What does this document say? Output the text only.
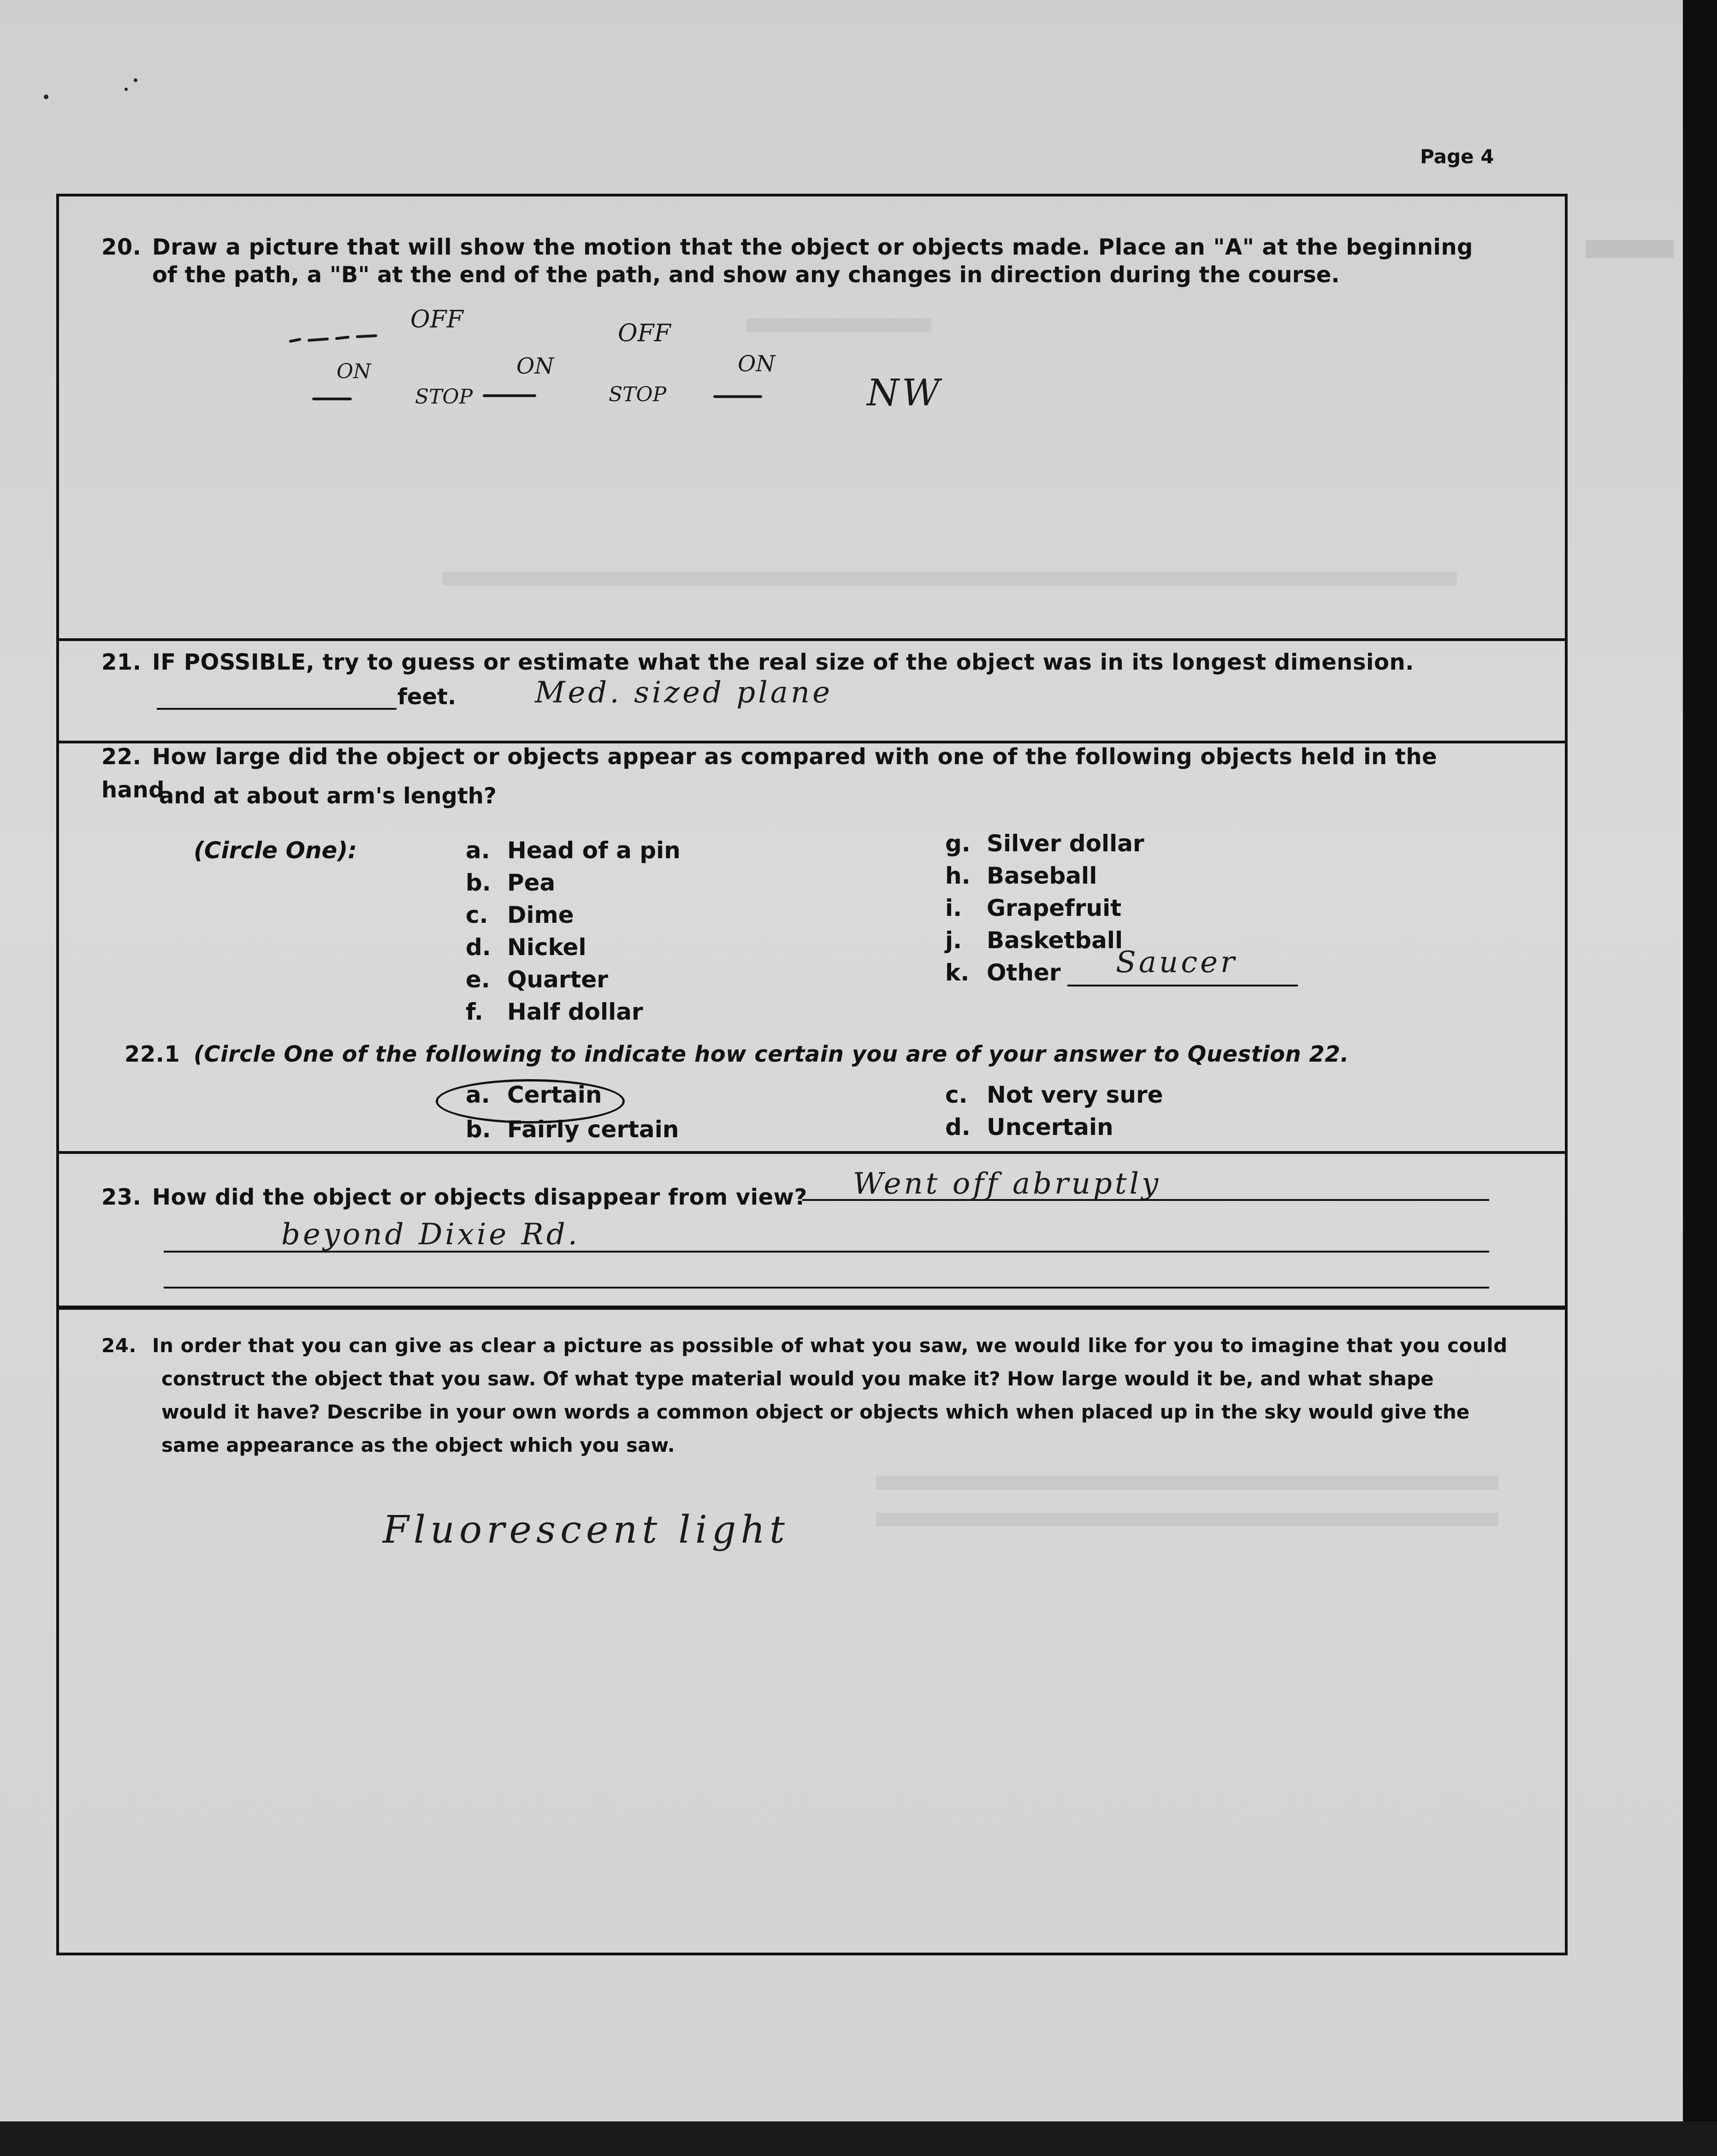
Page 4
20. Draw a picture that will show the motion that the object or objects made. Place an "A" at the beginning
of the path, a "B" at the end of the path, and show any changes in direction during the course.
OFF	OFF
ON	ON	ON
STOP	STOP	NW
21. IF POSSIBLE, try to guess or estimate what the real size of the object was in its longest dimension.
feet.	Med. sized plane
22. How large did the object or objects appear as compared with one of the following objects held in the hand
and at about arm's length?
(Circle One):	a. Head of a pin
b. Pea
c. Dime
d. Nickel
e. Quarter
f. Half dollar
g. Silver dollar
h. Baseball
i. Grapefruit
j. Basketball
k. Other Saucer
22.1 (Circle One of the following to indicate how certain you are of your answer to Question 22.
a. Certain
b. Fairly certain
c. Not very sure
d. Uncertain
23. How did the object or objects disappear from view?	Went off abruptly
beyond Dixie Rd.
24. In order that you can give as clear a picture as possible of what you saw, we would like for you to imagine that you could
construct the object that you saw. Of what type material would you make it? How large would it be, and what shape
would it have? Describe in your own words a common object or objects which when placed up in the sky would give the
same appearance as the object which you saw.
Fluorescent light
